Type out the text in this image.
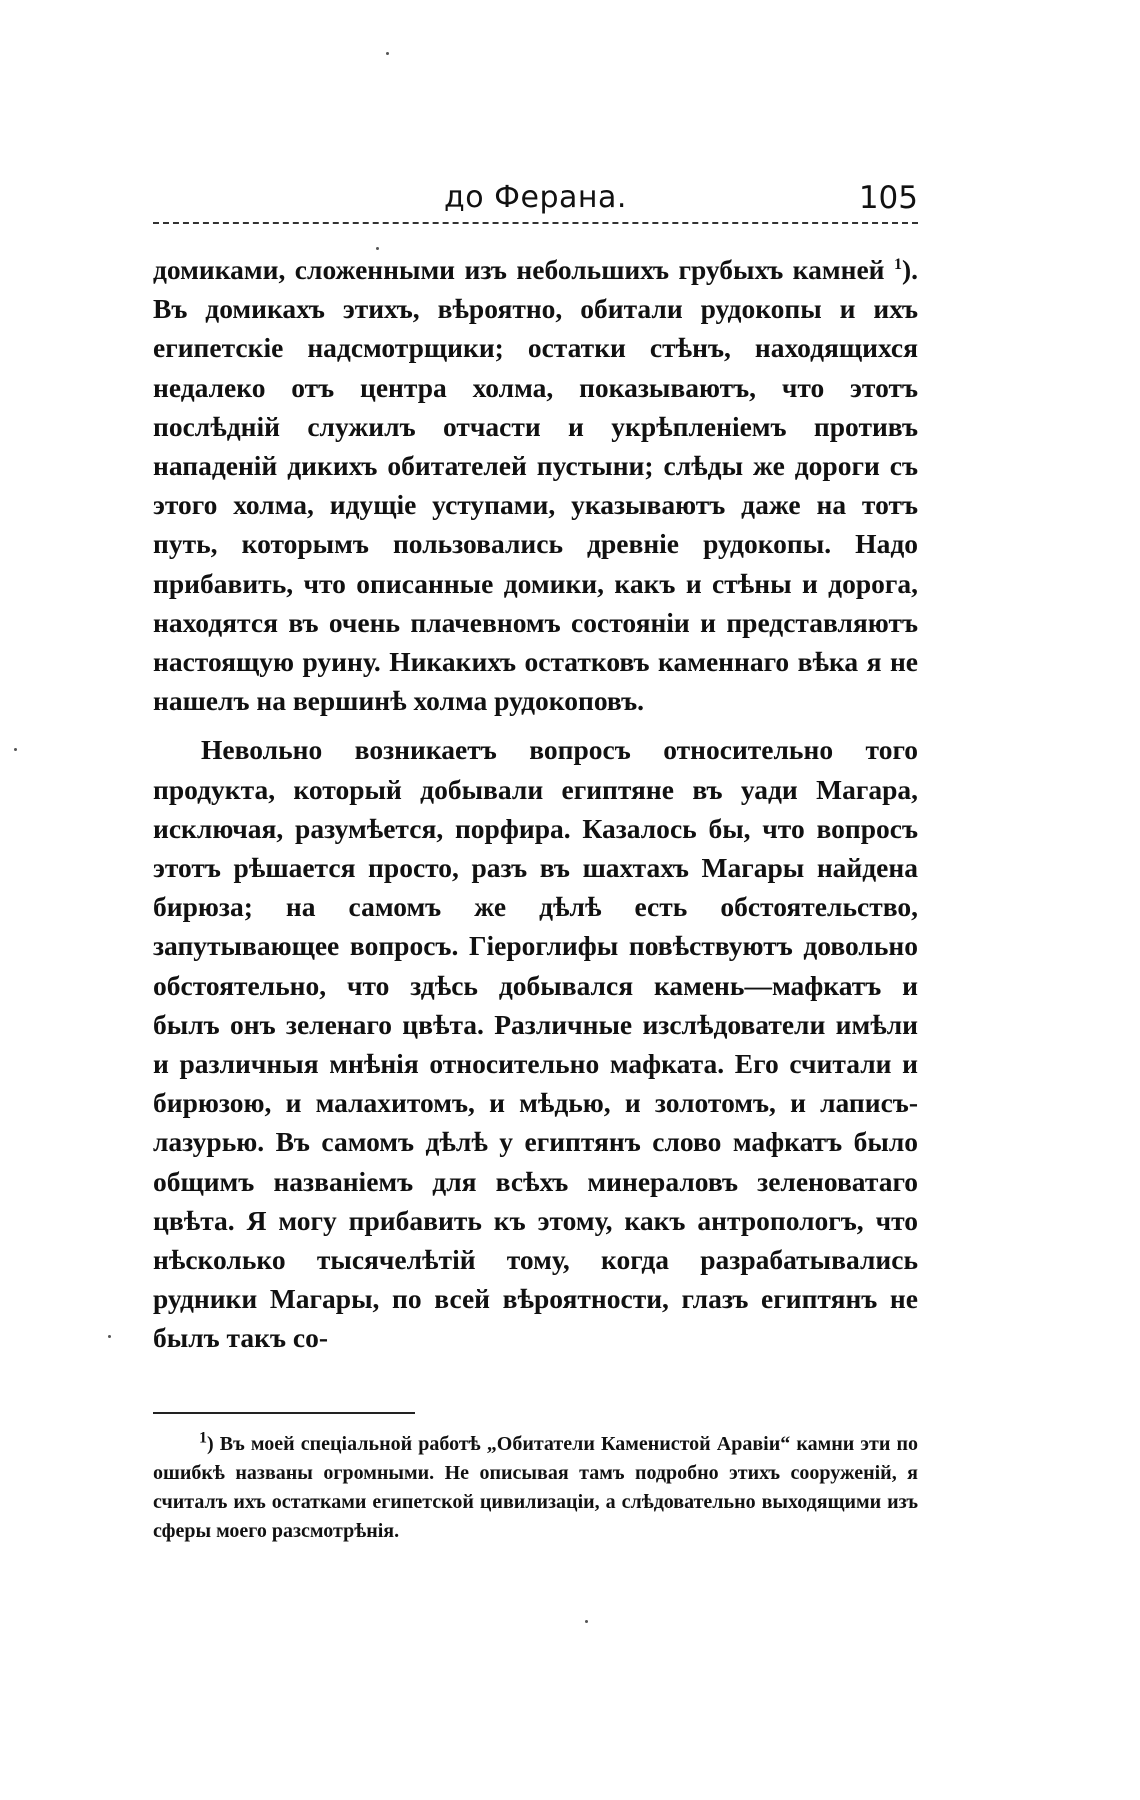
до Ферана.	105

домиками, сложенными изъ небольшихъ грубыхъ камней $^1$). Въ домикахъ этихъ, вѣроятно, обитали рудокопы и ихъ египетскіе надсмотрщики; остатки стѣнъ, находящихся недалеко отъ центра холма, показываютъ, что этотъ послѣдній служилъ отчасти и укрѣпленіемъ противъ нападеній дикихъ обитателей пустыни; слѣды же дороги съ этого холма, идущіе уступами, указываютъ даже на тотъ путь, которымъ пользовались древніе рудокопы. Надо прибавить, что описанные домики, какъ и стѣны и дорога, находятся въ очень плачевномъ состояніи и представляютъ настоящую руину. Никакихъ остатковъ каменнаго вѣка я не нашелъ на вершинѣ холма рудокоповъ.

Невольно возникаетъ вопросъ относительно того продукта, который добывали египтяне въ уади Магара, исключая, разумѣется, порфира. Казалось бы, что вопросъ этотъ рѣшается просто, разъ въ шахтахъ Магары найдена бирюза; на самомъ же дѣлѣ есть обстоятельство, запутывающее вопросъ. Гіероглифы повѣствуютъ довольно обстоятельно, что здѣсь добывался камень—мафкатъ и былъ онъ зеленаго цвѣта. Различные изслѣдователи имѣли и различныя мнѣнія относительно мафката. Его считали и бирюзою, и малахитомъ, и мѣдью, и золотомъ, и лаписъ-лазурью. Въ самомъ дѣлѣ у египтянъ слово мафкатъ было общимъ названіемъ для всѣхъ минераловъ зеленоватаго цвѣта. Я могу прибавить къ этому, какъ антропологъ, что нѣсколько тысячелѣтій тому, когда разрабатывались рудники Магары, по всей вѣроятности, глазъ египтянъ не былъ такъ со-

$^1$) Въ моей спеціальной работѣ „Обитатели Каменистой Аравіи“ камни эти по ошибкѣ названы огромными. Не описывая тамъ подробно этихъ сооруженій, я считалъ ихъ остатками египетской цивилизаціи, а слѣдовательно выходящими изъ сферы моего разсмотрѣнія.
